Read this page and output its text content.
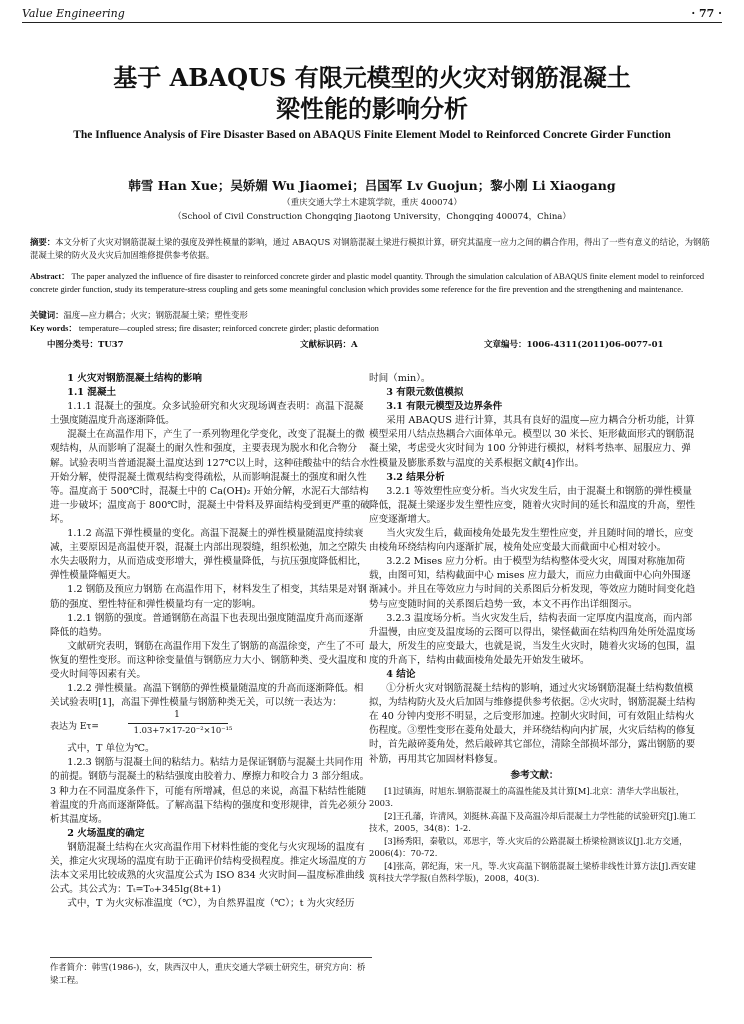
Value Engineering	· 77 ·
基于 ABAQUS 有限元模型的火灾对钢筋混凝土
梁性能的影响分析
The Influence Analysis of Fire Disaster Based on ABAQUS Finite Element Model to Reinforced Concrete Girder Function
韩雪 Han Xue；吴娇媚 Wu Jiaomei；吕国军 Lv Guojun；黎小刚 Li Xiaogang
（重庆交通大学土木建筑学院，重庆 400074）
（School of Civil Construction Chongqing Jiaotong University，Chongqing 400074，China）
摘要：本文分析了火灾对钢筋混凝土梁的强度及弹性模量的影响，通过 ABAQUS 对钢筋混凝土梁进行模拟计算，研究其温度一应力之间的耦合作用，得出了一些有意义的结论，为钢筋混凝土梁的防火及火灾后加固维修提供参考依据。
Abstract： The paper analyzed the influence of fire disaster to reinforced concrete girder and plastic model quantity. Through the simulation calculation of ABAQUS finite element model to reinforced concrete girder function, study its temperature-stress coupling and gets some meaningful conclusion which provides some reference for the fire prevention and the strengthening and maintenance.
关键词：温度—应力耦合；火灾；钢筋混凝土梁；塑性变形
Key words： temperature—coupled stress; fire disaster; reinforced concrete girder; plastic deformation
中图分类号：TU37	文献标识码：A	文章编号：1006-4311(2011)06-0077-01

1 火灾对钢筋混凝土结构的影响

1.1 混凝土

1.1.1 混凝土的强度。众多试验研究和火灾现场调查表明：高温下混凝土强度随温度升高逐渐降低。

混凝土在高温作用下，产生了一系列物理化学变化，改变了混凝土的微观结构，从而影响了混凝土的耐久性和强度，主要表现为脱水和化合物分解。试验表明当普通混凝土温度达到 127℃以上时，这种硅酸盐中的结合水开始分解，使得混凝土微观结构变得疏松，从而影响混凝土的强度和耐久性等。温度高于 500℃时，混凝土中的 Ca(OH)₂ 开始分解，水泥石大部结构进一步破坏；温度高于 800℃时，混凝土中骨料及界面结构受到更严重的破坏。

1.1.2 高温下弹性模量的变化。高温下混凝土的弹性模量随温度持续衰减，主要原因是高温使开裂，混凝土内部出现裂缝，组织松弛，加之空隙失水失去吸附力，从而造成变形增大，弹性模量降低，与抗压强度降低相比，弹性模量降幅更大。

1.2 钢筋及预应力钢筋 在高温作用下，材料发生了相变，其结果是对钢筋的强度、塑性特征和弹性模量均有一定的影响。

1.2.1 钢筋的强度。普通钢筋在高温下也表现出强度随温度升高而逐渐降低的趋势。

文献研究表明，钢筋在高温作用下发生了钢筋的高温徐变，产生了不可恢复的塑性变形。而这种徐变量值与钢筋应力大小、钢筋种类、受火温度和受火时间等因素有关。

1.2.2 弹性模量。高温下钢筋的弹性模量随温度的升高而逐渐降低。相关试验表明[1]，高温下弹性模量与钢筋种类无关，可以统一表达为：

式中，T 单位为℃。

1.2.3 钢筋与混凝土间的粘结力。粘结力是保证钢筋与混凝土共同作用的前提。钢筋与混凝土的粘结强度由胶着力、摩擦力和咬合力 3 部分组成。3 种力在不同温度条件下，可能有所增减，但总的来说，高温下粘结性能随着温度的升高而逐渐降低。了解高温下结构的强度和变形规律，首先必须分析其温度场。

2 火场温度的确定

钢筋混凝土结构在火灾高温作用下材料性能的变化与火灾现场的温度有关，推定火灾现场的温度有助于正确评价结构受损程度。推定火场温度的方法本文采用比较成熟的火灾温度公式为 ISO 834 火灾时间—温度标准曲线公式。其公式为：Tₜ=T₀+345lg(8t+1)

式中，T 为火灾标准温度（℃），为自然界温度（℃）；t 为火灾经历

表达为 Eτ=
1
1.03+7×17-20⁻²×10⁻¹⁵

时间（min）。

3 有限元数值模拟

3.1 有限元模型及边界条件

采用 ABAQUS 进行计算，其具有良好的温度—应力耦合分析功能，计算模型采用八结点热耦合六面体单元。模型以 30 米长、矩形截面形式的钢筋混凝土梁，考虑受火灾时间为 100 分钟进行模拟，材料考热率、屈服应力、弹性模量及膨胀系数与温度的关系根据文献[4]作出。

3.2 结果分析

3.2.1 等效塑性应变分析。当火灾发生后，由于混凝土和钢筋的弹性模量降低，混凝土梁逐步发生塑性应变，随着火灾时间的延长和温度的升高，塑性应变逐渐增大。

当火灾发生后，截面棱角处最先发生塑性应变，并且随时间的增长，应变由棱角环绕结构向内逐渐扩展，棱角处应变最大而截面中心相对较小。

3.2.2 Mises 应力分析。由于模型为结构整体受火灾，周围对称施加荷载，由图可知，结构截面中心 mises 应力最大，而应力由截面中心向外围逐渐减小。并且在等效应力与时间的关系图后分析发现，等效应力随时间变化趋势与应变随时间的关系图后趋势一致，本文不再作出详细图示。

3.2.3 温度场分析。当火灾发生后，结构表面一定厚度内温度高，而内部升温慢，由应变及温度场的云图可以得出，梁怪截面在结构四角处所处温度场最大，所发生的应变最大，也就是说，当发生火灾时，随着火灾场的包围，温度的升高下，结构由截面棱角处最先开始发生破坏。

4 结论

①分析火灾对钢筋混凝土结构的影响，通过火灾场钢筋混凝土结构数值模拟，为结构防火及火后加固与维修提供参考依据。②火灾时，钢筋混凝土结构在 40 分钟内变形不明显，之后变形加速。控制火灾时间，可有效阻止结构火伤程度。③塑性变形在菱角处最大，并环绕结构向内扩展，火灾后结构的修复时，首先敲碎菱角处，然后敲碎其它部位，清除全部损坏部分，露出钢筋的要补筋，再用其它加固材料修复。

参考文献：

[1]过镇海，时旭东.钢筋混凝土的高温性能及其计算[M].北京：清华大学出版社，2003.

[2]王孔藩，许清风，刘挺林.高温下及高温冷却后混凝土力学性能的试验研究[J].施工技术，2005，34(8)：1-2.

[3]杨秀阳，秦敬以，邓思宇，等.火灾后的公路混凝土桥梁检测该议[J].北方交通，2006(4)：70-72.

[4]张高，郭纪海，宋一凡，等.火灾高温下钢筋混凝土梁桥非线性计算方法[J].西安建筑科技大学学报(自然科学版)，2008，40(3).

作者简介：韩雪(1986-)，女，陕西汉中人，重庆交通大学硕士研究生，研究方向：桥梁工程。
